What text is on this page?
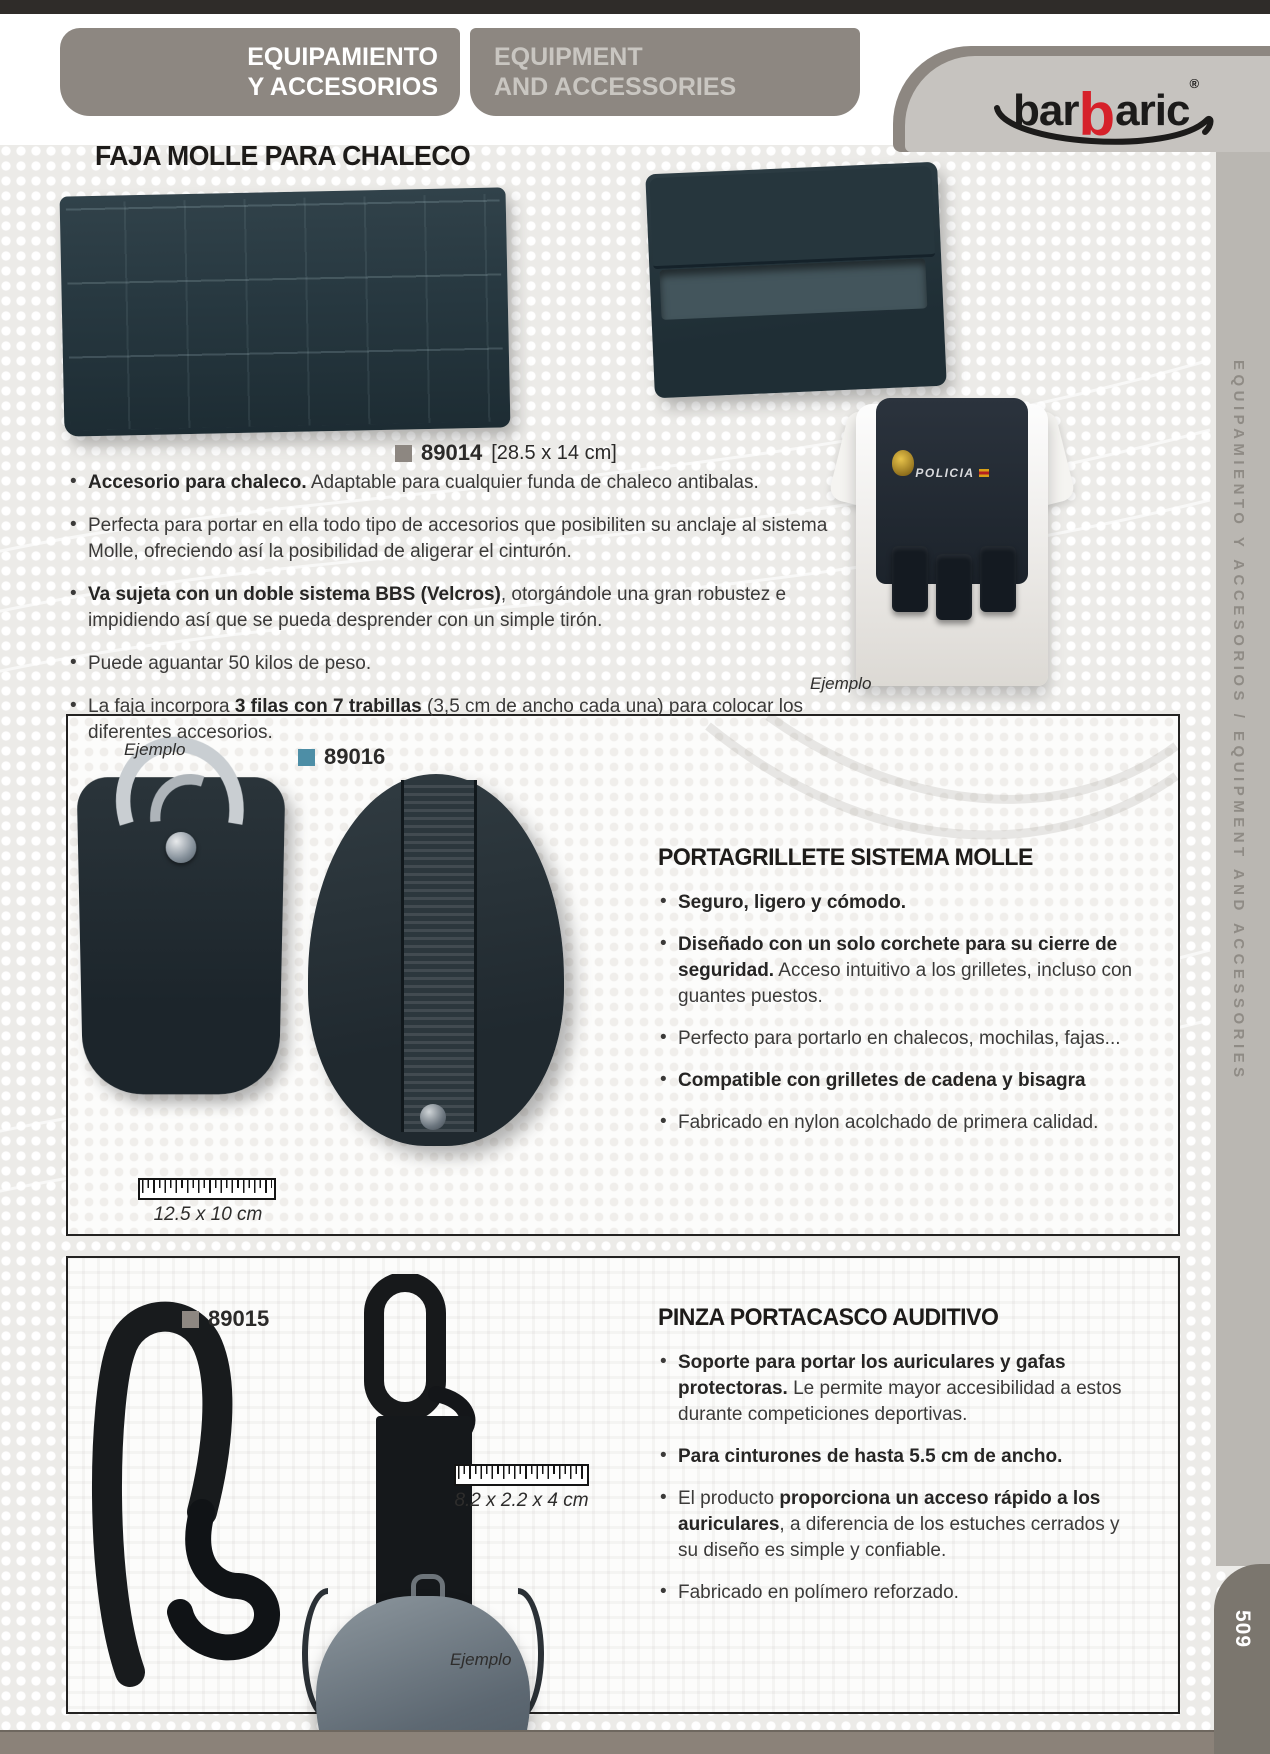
EQUIPAMIENTO
Y ACCESORIOS
EQUIPMENT
AND ACCESSORIES	barbaric®
EQUIPAMIENTO Y ACCESORIOS / EQUIPMENT AND ACCESSORIES
509
FAJA MOLLE PARA CHALECO
89014 [28.5 x 14 cm]
• Accesorio para chaleco. Adaptable para cualquier funda de chaleco antibalas.
• Perfecta para portar en ella todo tipo de accesorios que posibiliten su anclaje al sistema Molle, ofreciendo así la posibilidad de aligerar el cinturón.
• Va sujeta con un doble sistema BBS (Velcros), otorgándole una gran robustez e impidiendo así que se pueda desprender con un simple tirón.
• Puede aguantar 50 kilos de peso.
• La faja incorpora 3 filas con 7 trabillas (3,5 cm de ancho cada una) para colocar los diferentes accesorios.
POLICIA
Ejemplo
Ejemplo	89016
12.5 x 10 cm
PORTAGRILLETE SISTEMA MOLLE
• Seguro, ligero y cómodo.
• Diseñado con un solo corchete para su cierre de seguridad. Acceso intuitivo a los grilletes, incluso con guantes puestos.
• Perfecto para portarlo en chalecos, mochilas, fajas...
• Compatible con grilletes de cadena y bisagra
• Fabricado en nylon acolchado de primera calidad.
89015
8.2 x 2.2 x 4 cm
Ejemplo
PINZA PORTACASCO AUDITIVO
• Soporte para portar los auriculares y gafas protectoras. Le permite mayor accesibilidad a estos durante competiciones deportivas.
• Para cinturones de hasta 5.5 cm de ancho.
• El producto proporciona un acceso rápido a los auriculares, a diferencia de los estuches cerrados y su diseño es simple y confiable.
• Fabricado en polímero reforzado.
